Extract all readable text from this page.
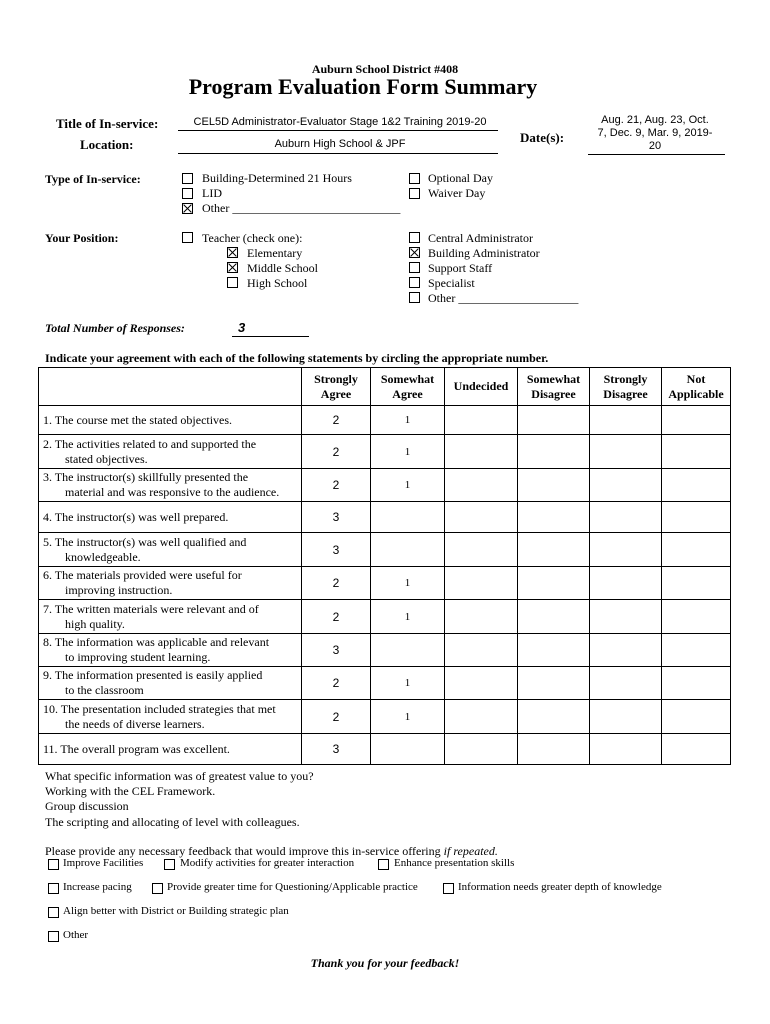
Auburn School District #408
Program Evaluation Form Summary
Title of In-service:	CEL5D Administrator-Evaluator Stage 1&2 Training 2019-20
Location:	Auburn High School & JPF	Date(s):
Aug. 21, Aug. 23, Oct.
7, Dec. 9, Mar. 9, 2019-
20
Type of In-service:	Building-Determined 21 Hours
LID
Other ____________________________
Optional Day
Waiver Day
Your Position:	Teacher (check one):
Elementary
Middle School
High School
Central Administrator
Building Administrator
Support Staff
Specialist
Other ____________________
Total Number of Responses:	3
Indicate your agreement with each of the following statements by circling the appropriate number.
	Strongly
Agree	Somewhat
Agree	Undecided	Somewhat
Disagree	Strongly
Disagree	Not
Applicable
1. The course met the stated objectives.	2	1				
2. The activities related to and supported the
stated objectives.	2	1				
3. The instructor(s) skillfully presented the
material and was responsive to the audience.	2	1				
4. The instructor(s) was well prepared.	3					
5. The instructor(s) was well qualified and
knowledgeable.	3					
6. The materials provided were useful for
improving instruction.	2	1				
7. The written materials were relevant and of
high quality.	2	1				
8. The information was applicable and relevant
to improving student learning.	3					
9. The information presented is easily applied
to the classroom	2	1				
10. The presentation included strategies that met
the needs of diverse learners.	2	1				
11. The overall program was excellent.	3					
What specific information was of greatest value to you?
Working with the CEL Framework.
Group discussion
The scripting and allocating of level with colleagues.
Please provide any necessary feedback that would improve this in-service offering if repeated.
Improve Facilities	Modify activities for greater interaction	Enhance presentation skills
Increase pacing	Provide greater time for Questioning/Applicable practice	Information needs greater depth of knowledge
Align better with District or Building strategic plan
Other
Thank you for your feedback!
